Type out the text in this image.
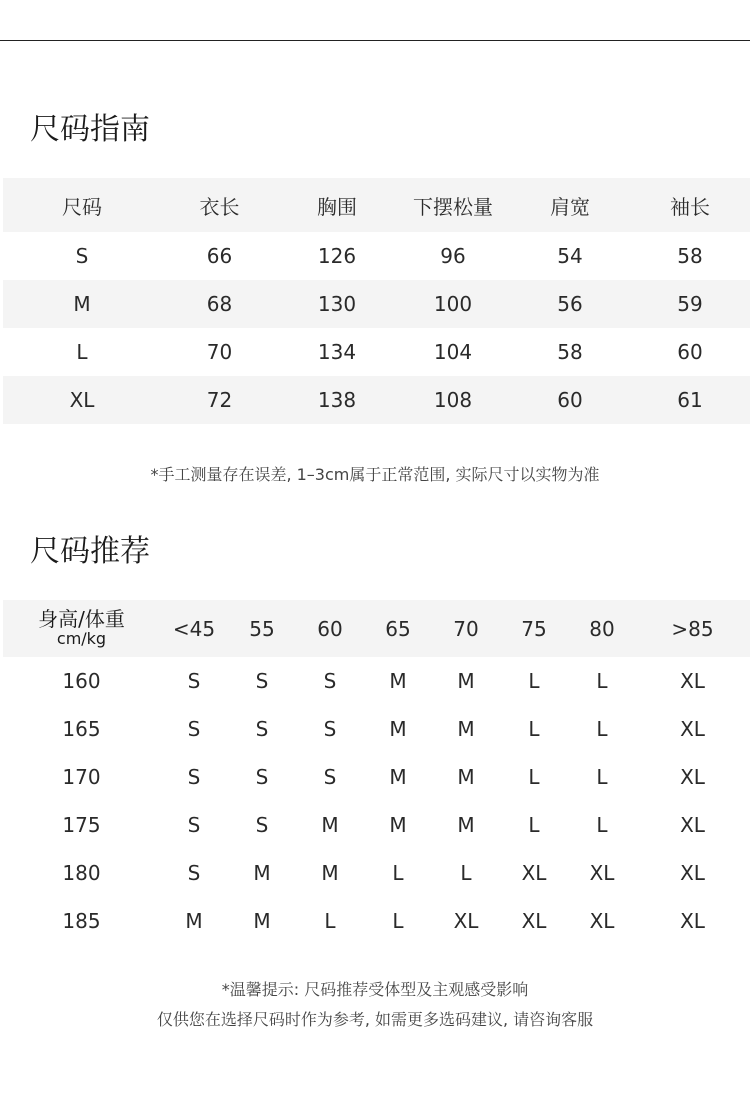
尺码指南
尺码	衣长	胸围	下摆松量	肩宽	袖长
S	66	126	96	54	58
M	68	130	100	56	59
L	70	134	104	58	60
XL	72	138	108	60	61

*手工测量存在误差, 1–3cm属于正常范围, 实际尺寸以实物为准

尺码推荐
身高/体重
cm/kg	<45	55	60	65	70	75	80	>85
160	S	S	S	M	M	L	L	XL
165	S	S	S	M	M	L	L	XL
170	S	S	S	M	M	L	L	XL
175	S	S	M	M	M	L	L	XL
180	S	M	M	L	L	XL	XL	XL
185	M	M	L	L	XL	XL	XL	XL

*温馨提示: 尺码推荐受体型及主观感受影响
仅供您在选择尺码时作为参考, 如需更多选码建议, 请咨询客服
